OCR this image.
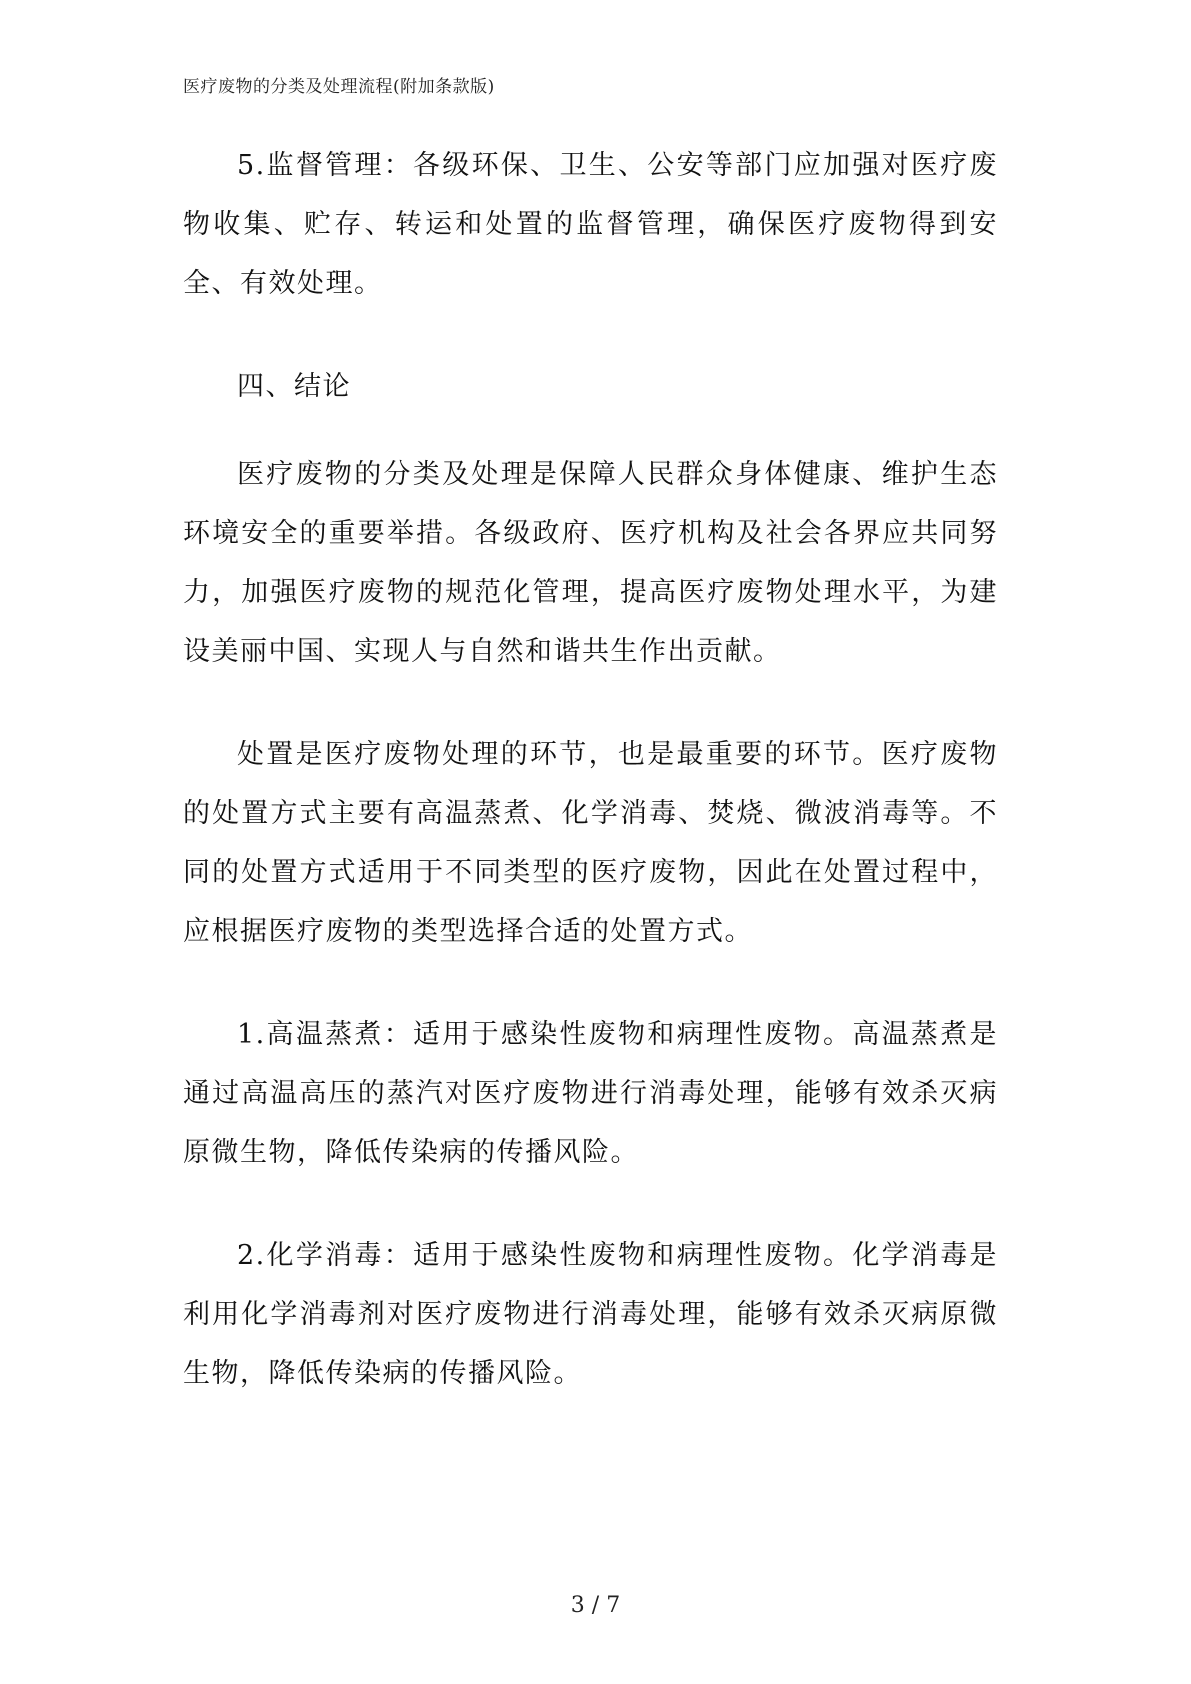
医疗废物的分类及处理流程(附加条款版)

5.监督管理：各级环保、卫生、公安等部门应加强对医疗废物收集、贮存、转运和处置的监督管理，确保医疗废物得到安全、有效处理。

四、结论

医疗废物的分类及处理是保障人民群众身体健康、维护生态环境安全的重要举措。各级政府、医疗机构及社会各界应共同努力，加强医疗废物的规范化管理，提高医疗废物处理水平，为建设美丽中国、实现人与自然和谐共生作出贡献。

处置是医疗废物处理的环节，也是最重要的环节。医疗废物的处置方式主要有高温蒸煮、化学消毒、焚烧、微波消毒等。不同的处置方式适用于不同类型的医疗废物，因此在处置过程中，应根据医疗废物的类型选择合适的处置方式。

1.高温蒸煮：适用于感染性废物和病理性废物。高温蒸煮是通过高温高压的蒸汽对医疗废物进行消毒处理，能够有效杀灭病原微生物，降低传染病的传播风险。

2.化学消毒：适用于感染性废物和病理性废物。化学消毒是利用化学消毒剂对医疗废物进行消毒处理，能够有效杀灭病原微生物，降低传染病的传播风险。

3 / 7
